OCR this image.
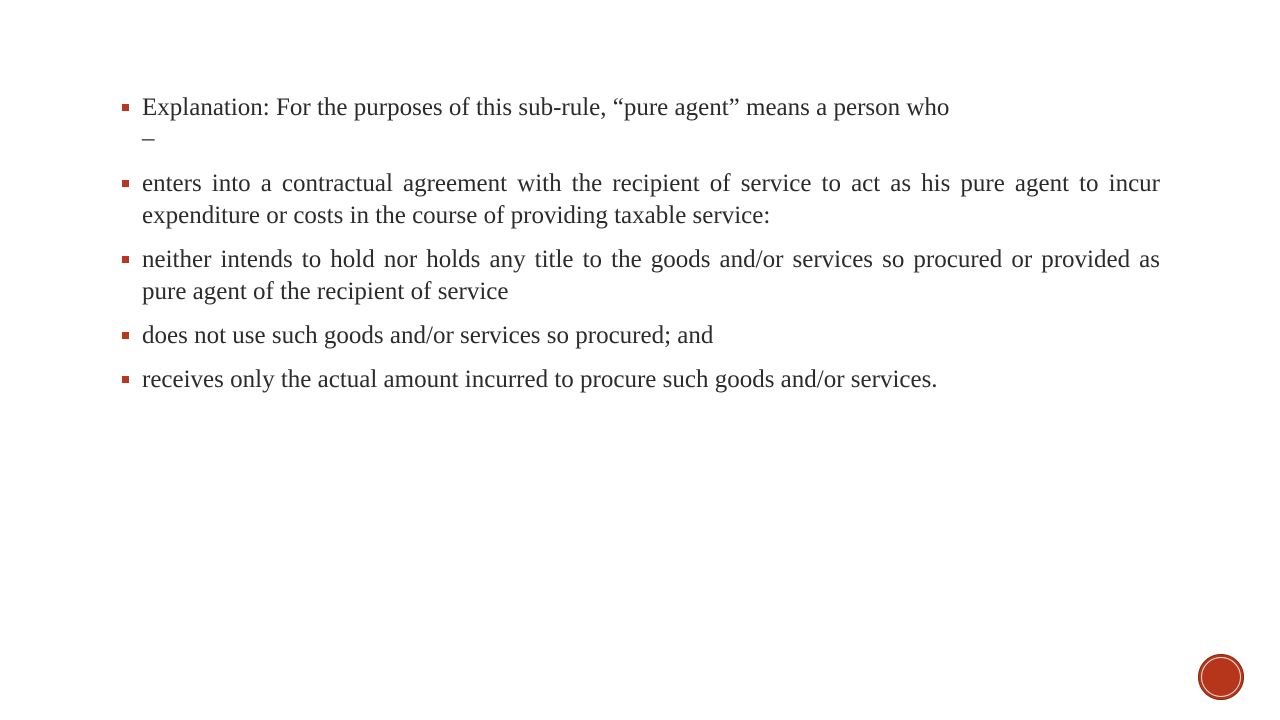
Explanation: For the purposes of this sub-rule, “pure agent” means a person who
–
enters into a contractual agreement with the recipient of service to act as his pure agent to incur expenditure or costs in the course of providing taxable service:
neither intends to hold nor holds any title to the goods and/or services so procured or provided as pure agent of the recipient of service
does not use such goods and/or services so procured; and
receives only the actual amount incurred to procure such goods and/or services.
